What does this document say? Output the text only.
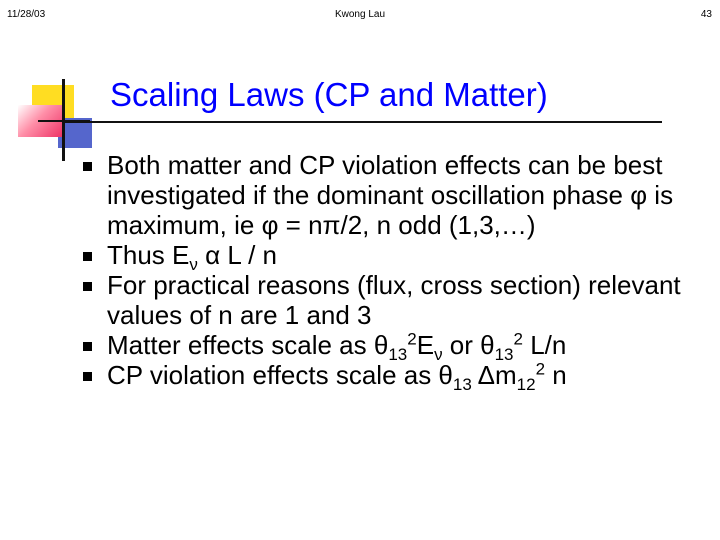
11/28/03	Kwong Lau	43
Scaling Laws (CP and Matter)
Both matter and CP violation effects can be best investigated if the dominant oscillation phase φ is maximum, ie φ = nπ/2, n odd (1,3,…)
Thus $E_\nu$ α L / n
For practical reasons (flux, cross section) relevant values of n are 1 and 3
Matter effects scale as $\theta_{13}^2E_\nu$ or $\theta_{13}^2$ L/n
CP violation effects scale as $\theta_{13}$ $\Delta m_{12}^2$ n
